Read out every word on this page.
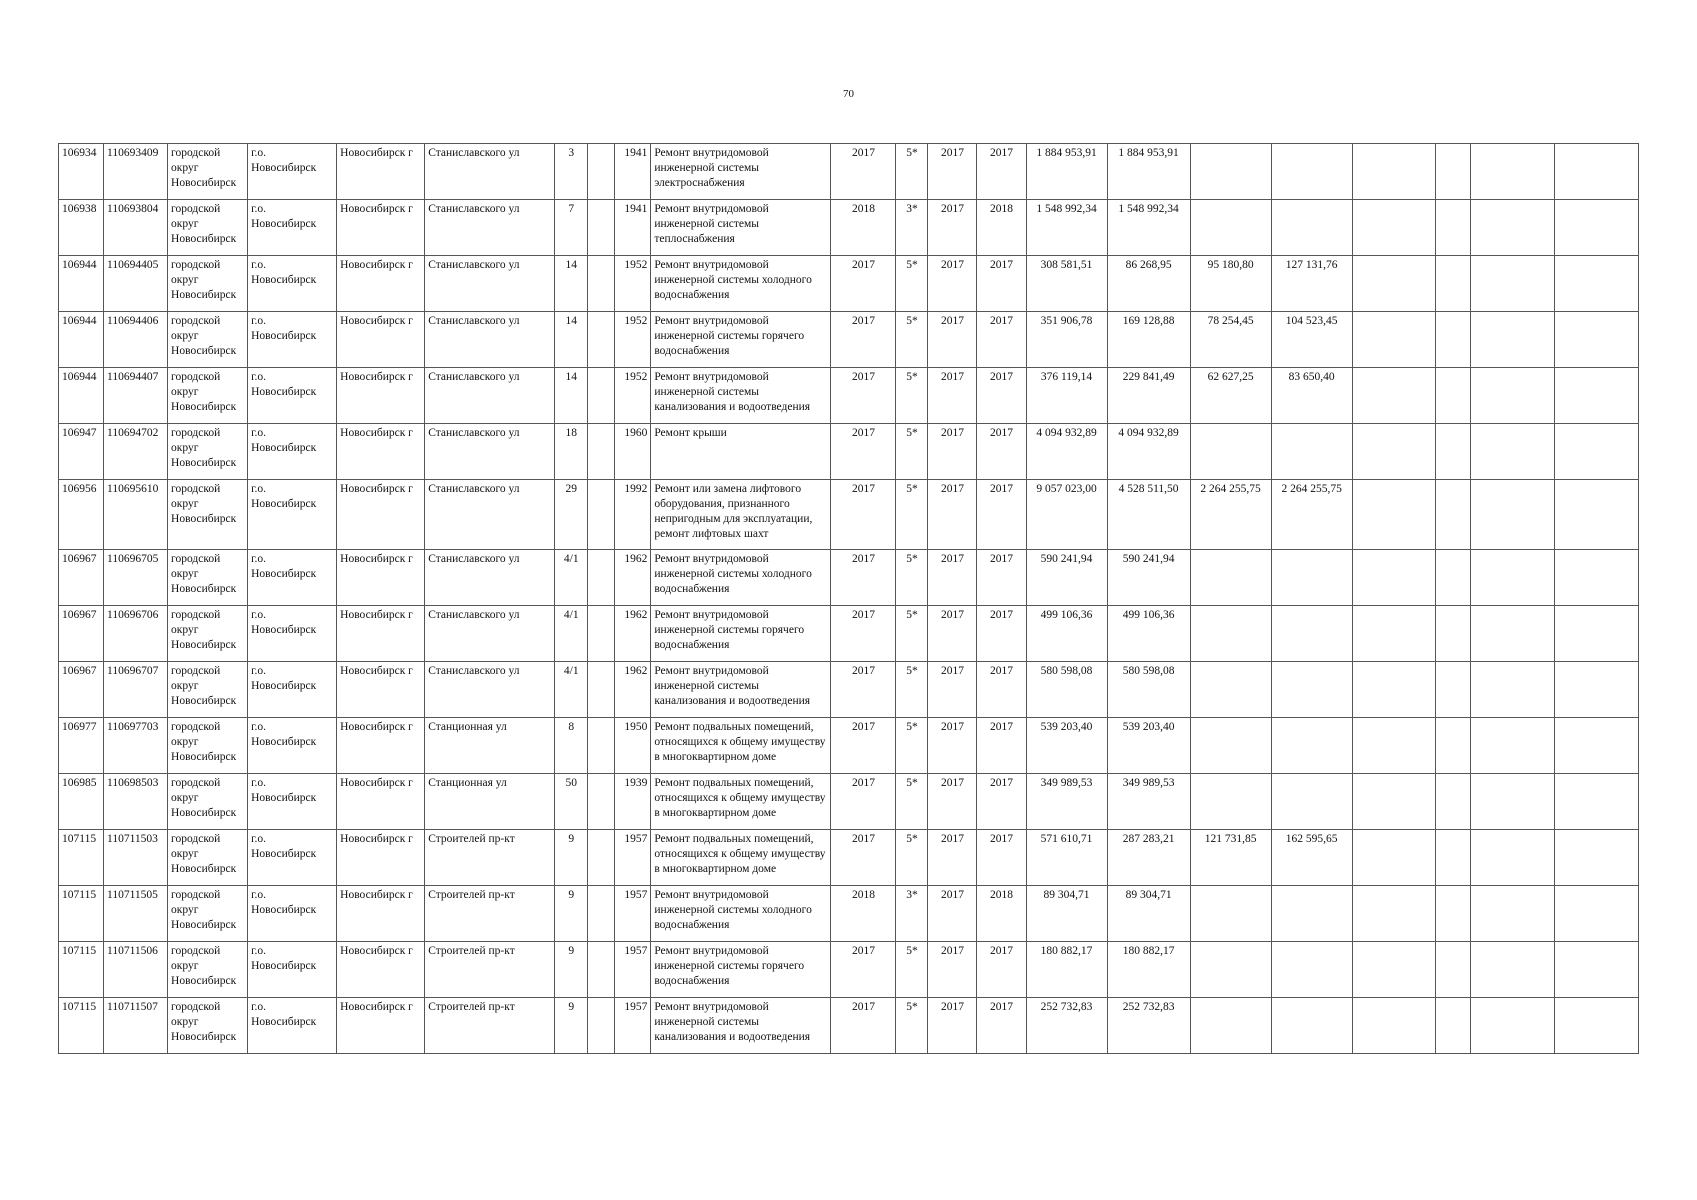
70
106934	110693409	городской округ Новосибирск	г.о. Новосибирск	Новосибирск г	Станиславского ул	3		1941	Ремонт внутридомовой инженерной системы электроснабжения	2017	5*	2017	2017	1 884 953,91	1 884 953,91						
106938	110693804	городской округ Новосибирск	г.о. Новосибирск	Новосибирск г	Станиславского ул	7		1941	Ремонт внутридомовой инженерной системы теплоснабжения	2018	3*	2017	2018	1 548 992,34	1 548 992,34						
106944	110694405	городской округ Новосибирск	г.о. Новосибирск	Новосибирск г	Станиславского ул	14		1952	Ремонт внутридомовой инженерной системы холодного водоснабжения	2017	5*	2017	2017	308 581,51	86 268,95	95 180,80	127 131,76				
106944	110694406	городской округ Новосибирск	г.о. Новосибирск	Новосибирск г	Станиславского ул	14		1952	Ремонт внутридомовой инженерной системы горячего водоснабжения	2017	5*	2017	2017	351 906,78	169 128,88	78 254,45	104 523,45				
106944	110694407	городской округ Новосибирск	г.о. Новосибирск	Новосибирск г	Станиславского ул	14		1952	Ремонт внутридомовой инженерной системы канализования и водоотведения	2017	5*	2017	2017	376 119,14	229 841,49	62 627,25	83 650,40				
106947	110694702	городской округ Новосибирск	г.о. Новосибирск	Новосибирск г	Станиславского ул	18		1960	Ремонт крыши	2017	5*	2017	2017	4 094 932,89	4 094 932,89						
106956	110695610	городской округ Новосибирск	г.о. Новосибирск	Новосибирск г	Станиславского ул	29		1992	Ремонт или замена лифтового оборудования, признанного непригодным для эксплуатации, ремонт лифтовых шахт	2017	5*	2017	2017	9 057 023,00	4 528 511,50	2 264 255,75	2 264 255,75				
106967	110696705	городской округ Новосибирск	г.о. Новосибирск	Новосибирск г	Станиславского ул	4/1		1962	Ремонт внутридомовой инженерной системы холодного водоснабжения	2017	5*	2017	2017	590 241,94	590 241,94						
106967	110696706	городской округ Новосибирск	г.о. Новосибирск	Новосибирск г	Станиславского ул	4/1		1962	Ремонт внутридомовой инженерной системы горячего водоснабжения	2017	5*	2017	2017	499 106,36	499 106,36						
106967	110696707	городской округ Новосибирск	г.о. Новосибирск	Новосибирск г	Станиславского ул	4/1		1962	Ремонт внутридомовой инженерной системы канализования и водоотведения	2017	5*	2017	2017	580 598,08	580 598,08						
106977	110697703	городской округ Новосибирск	г.о. Новосибирск	Новосибирск г	Станционная ул	8		1950	Ремонт подвальных помещений, относящихся к общему имуществу в многоквартирном доме	2017	5*	2017	2017	539 203,40	539 203,40						
106985	110698503	городской округ Новосибирск	г.о. Новосибирск	Новосибирск г	Станционная ул	50		1939	Ремонт подвальных помещений, относящихся к общему имуществу в многоквартирном доме	2017	5*	2017	2017	349 989,53	349 989,53						
107115	110711503	городской округ Новосибирск	г.о. Новосибирск	Новосибирск г	Строителей пр-кт	9		1957	Ремонт подвальных помещений, относящихся к общему имуществу в многоквартирном доме	2017	5*	2017	2017	571 610,71	287 283,21	121 731,85	162 595,65				
107115	110711505	городской округ Новосибирск	г.о. Новосибирск	Новосибирск г	Строителей пр-кт	9		1957	Ремонт внутридомовой инженерной системы холодного водоснабжения	2018	3*	2017	2018	89 304,71	89 304,71						
107115	110711506	городской округ Новосибирск	г.о. Новосибирск	Новосибирск г	Строителей пр-кт	9		1957	Ремонт внутридомовой инженерной системы горячего водоснабжения	2017	5*	2017	2017	180 882,17	180 882,17						
107115	110711507	городской округ Новосибирск	г.о. Новосибирск	Новосибирск г	Строителей пр-кт	9		1957	Ремонт внутридомовой инженерной системы канализования и водоотведения	2017	5*	2017	2017	252 732,83	252 732,83						
